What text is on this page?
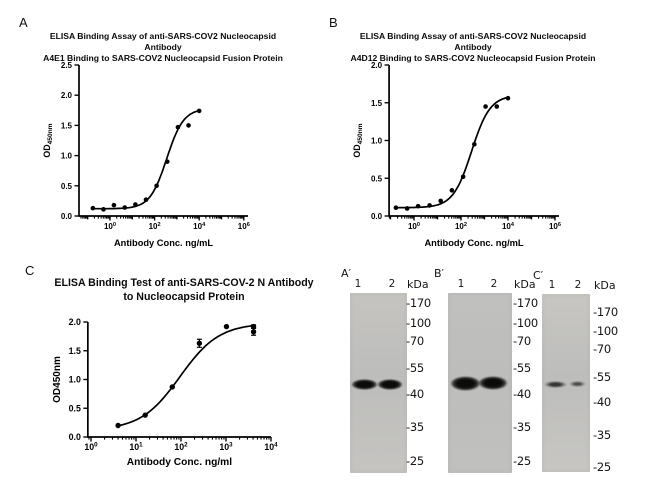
A	B
C
ELISA Binding Assay of anti-SARS-COV2 Nucleocapsid Antibody
A4E1 Binding to SARS-COV2 Nucleocapsid Fusion Protein
ELISA Binding Assay of anti-SARS-COV2 Nucleocapsid Antibody
A4D12 Binding to SARS-COV2 Nucleocapsid Fusion Protein
ELISA Binding Test of anti-SARS-COV-2 N Antibody
to Nucleocapsid Protein
0.0
0.5
1.0
1.5
2.0
2.5
$10^0$	$10^2$	$10^4$	$10^6$
Antibody Conc. ng/mL
$OD_{450nm}$
0.0
0.5
1.0
1.5
2.0
$10^0$	$10^2$	$10^4$	$10^6$
Antibody Conc. ng/mL
$OD_{450nm}$
0.0
0.5
1.0
1.5
2.0
$10^0$	$10^1$	$10^2$	$10^3$	$10^4$
Antibody Conc. ng/ml
OD450nm
A′
1	2 kDa
-170
-100
-70
-55
-40
-35
-25
B′
1	2 kDa
-170
-100
-70
-55
-40
-35
-25
C′
1 2 kDa
-170
-100
-70
-55
-40
-35
-25
